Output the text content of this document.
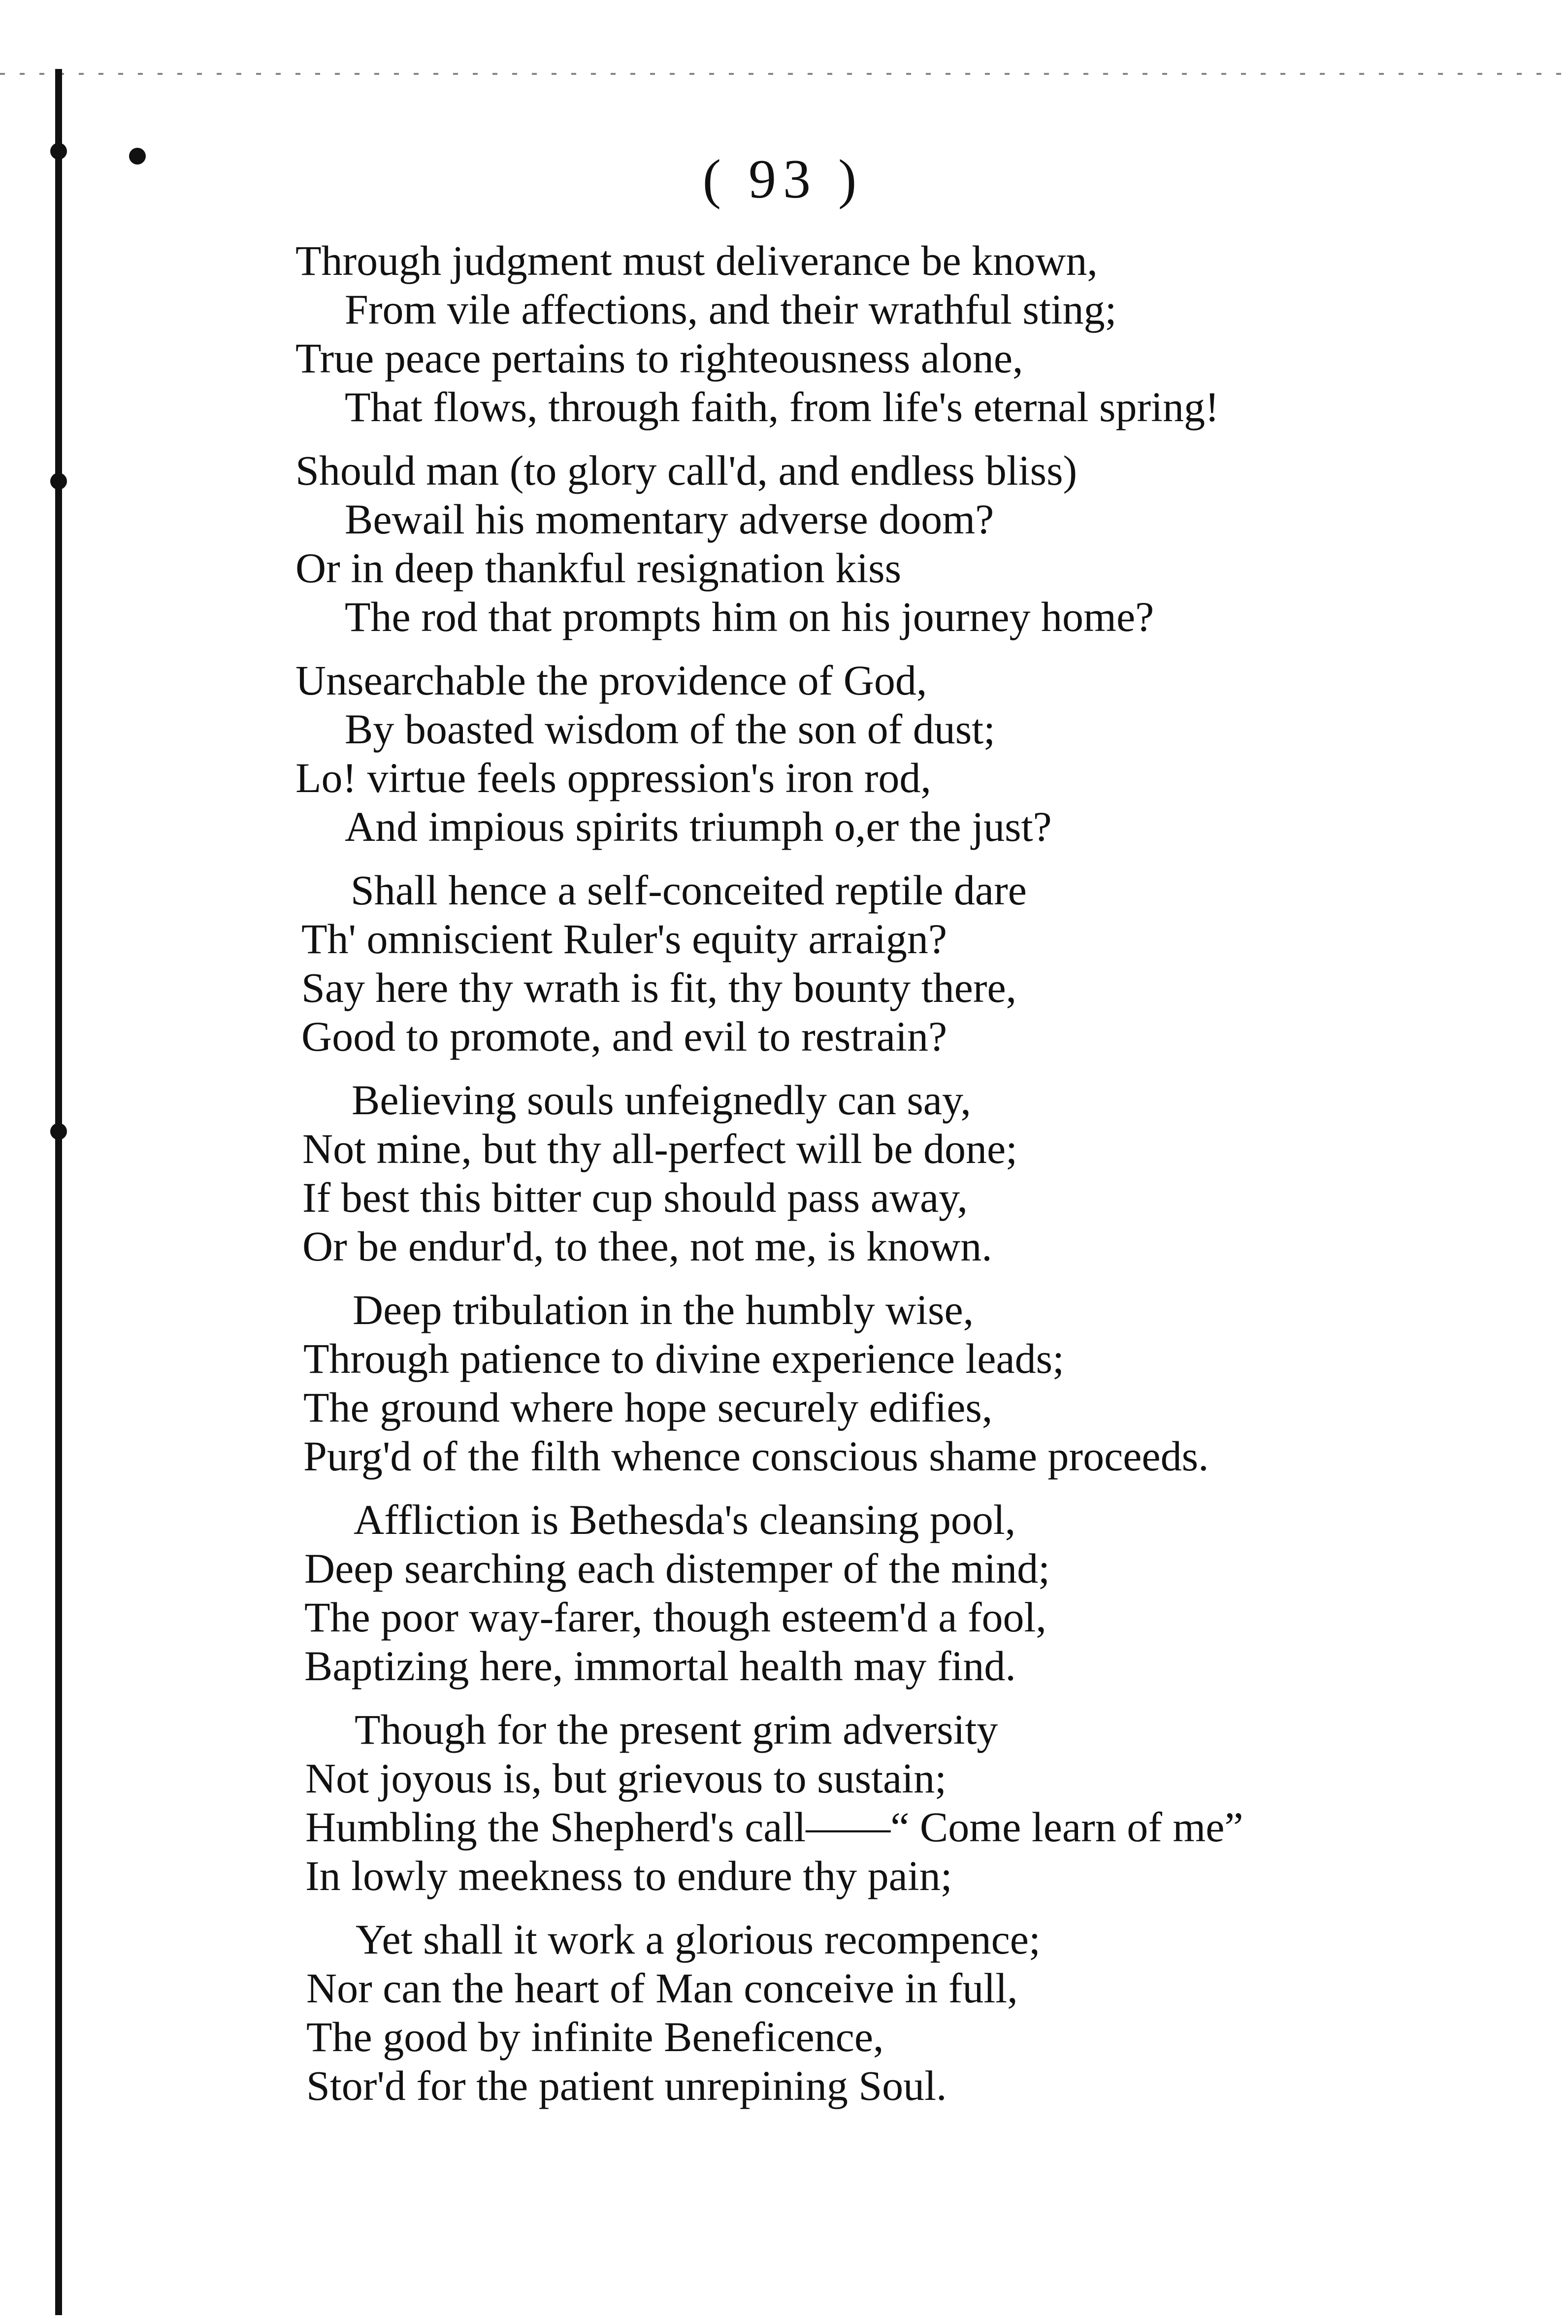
( 93 )
Through judgment must deliverance be known,
From vile affections, and their wrathful sting;
True peace pertains to righteousness alone,
That flows, through faith, from life's eternal spring!
Should man (to glory call'd, and endless bliss)
Bewail his momentary adverse doom?
Or in deep thankful resignation kiss
The rod that prompts him on his journey home?
Unsearchable the providence of God,
By boasted wisdom of the son of dust;
Lo! virtue feels oppression's iron rod,
And impious spirits triumph o,er the just?
Shall hence a self-conceited reptile dare
Th' omniscient Ruler's equity arraign?
Say here thy wrath is fit, thy bounty there,
Good to promote, and evil to restrain?
Believing souls unfeignedly can say,
Not mine, but thy all-perfect will be done;
If best this bitter cup should pass away,
Or be endur'd, to thee, not me, is known.
Deep tribulation in the humbly wise,
Through patience to divine experience leads;
The ground where hope securely edifies,
Purg'd of the filth whence conscious shame proceeds.
Affliction is Bethesda's cleansing pool,
Deep searching each distemper of the mind;
The poor way-farer, though esteem'd a fool,
Baptizing here, immortal health may find.
Though for the present grim adversity
Not joyous is, but grievous to sustain;
Humbling the Shepherd's call——“ Come learn of me”
In lowly meekness to endure thy pain;
Yet shall it work a glorious recompence;
Nor can the heart of Man conceive in full,
The good by infinite Beneficence,
Stor'd for the patient unrepining Soul.
